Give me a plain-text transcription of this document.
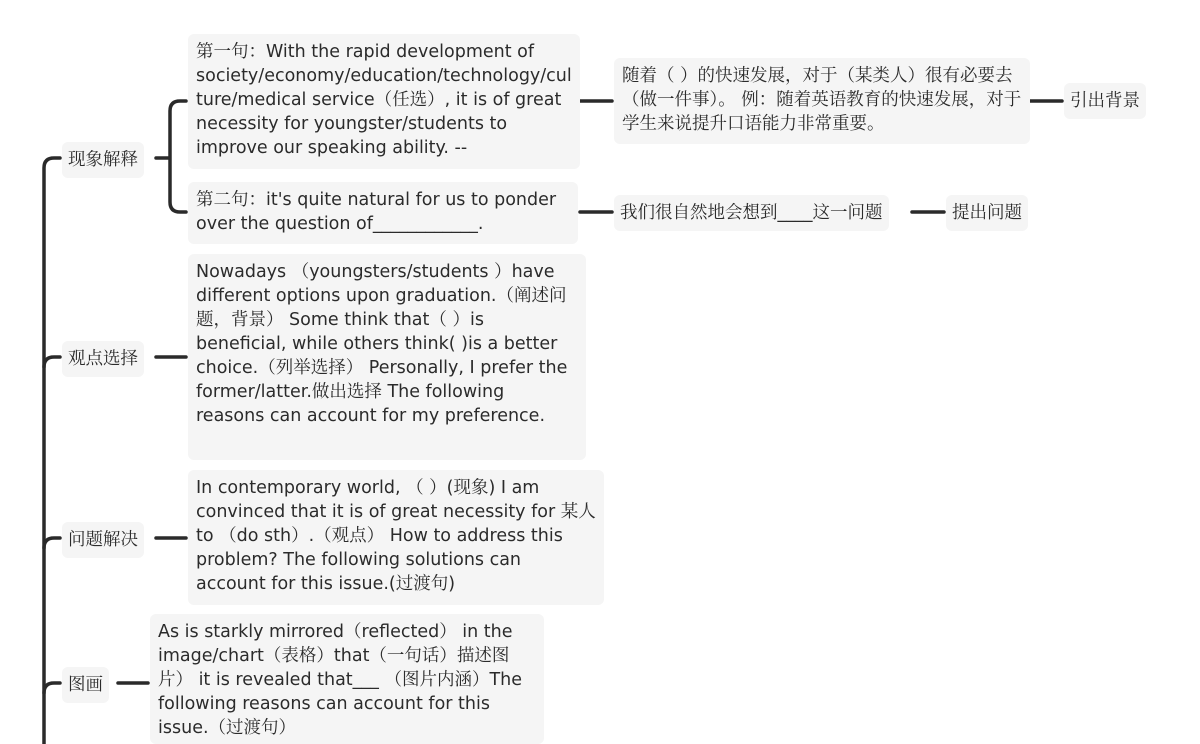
现象解释
观点选择
问题解决
图画
第一句：With the rapid development of society/economy/education/technology/culture/medical service（任选）, it is of great necessity for youngster/students to improve our speaking ability. --
随着（ ）的快速发展，对于（某类人）很有必要去（做一件事）。 例：随着英语教育的快速发展，对于学生来说提升口语能力非常重要。
引出背景
第二句：it's quite natural for us to ponder over the question of____________.
我们很自然地会想到____这一问题	提出问题
Nowadays （youngsters/students ）have different options upon graduation.（阐述问题，背景） Some think that（ ）is beneficial, while others think( )is a better choice.（列举选择） Personally, I prefer the former/latter.做出选择 The following reasons can account for my preference.
In contemporary world, （ ）(现象) I am convinced that it is of great necessity for 某人 to （do sth）.（观点） How to address this problem? The following solutions can account for this issue.(过渡句)
As is starkly mirrored（reflected） in the image/chart（表格）that（一句话）描述图片） it is revealed that___ （图片内涵）The following reasons can account for this issue.（过渡句）
